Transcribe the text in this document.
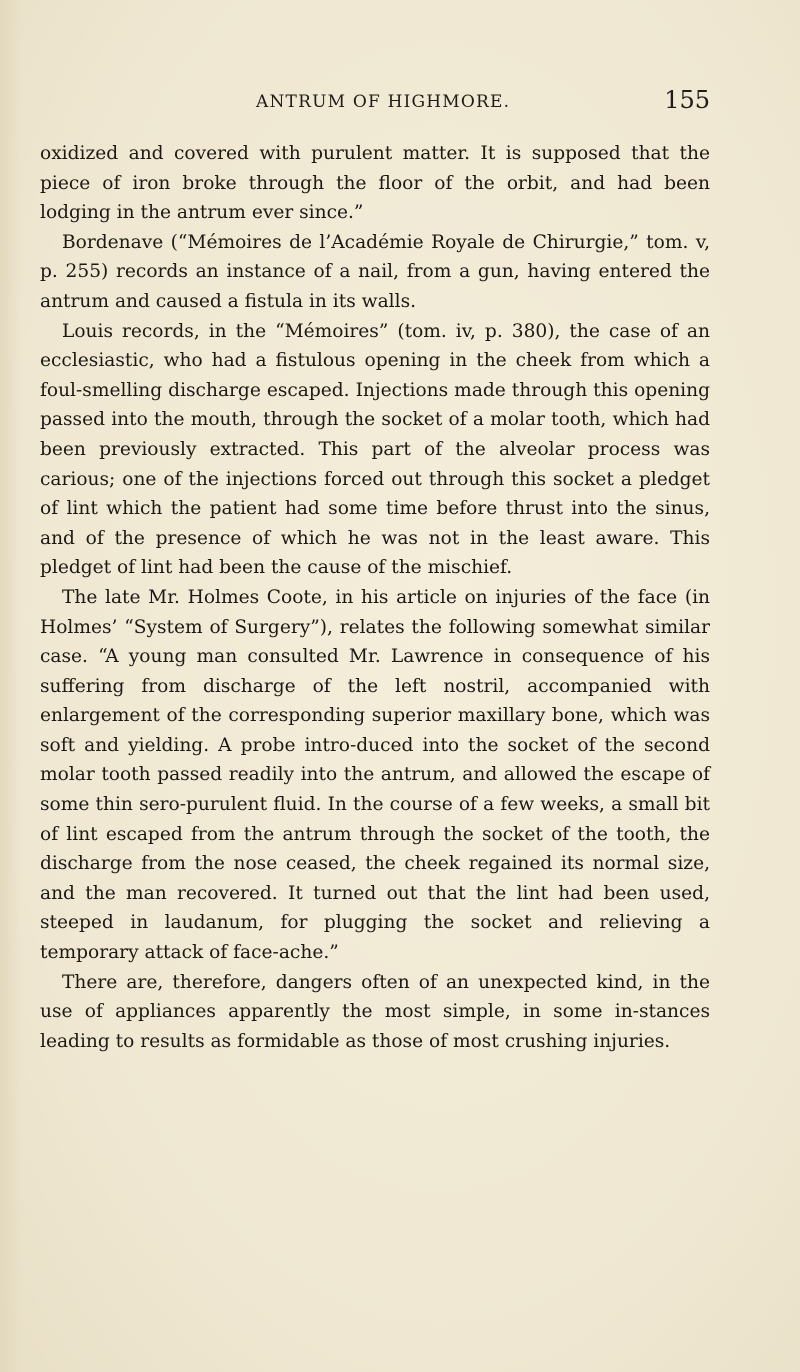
ANTRUM OF HIGHMORE.	155

oxidized and covered with purulent matter. It is supposed that the piece of iron broke through the floor of the orbit, and had been lodging in the antrum ever since.”

Bordenave (“Mémoires de l’Académie Royale de Chirurgie,” tom. v, p. 255) records an instance of a nail, from a gun, having entered the antrum and caused a fistula in its walls.

Louis records, in the “Mémoires” (tom. iv, p. 380), the case of an ecclesiastic, who had a fistulous opening in the cheek from which a foul-smelling discharge escaped. Injections made through this opening passed into the mouth, through the socket of a molar tooth, which had been previously extracted. This part of the alveolar process was carious; one of the injections forced out through this socket a pledget of lint which the patient had some time before thrust into the sinus, and of the presence of which he was not in the least aware. This pledget of lint had been the cause of the mischief.

The late Mr. Holmes Coote, in his article on injuries of the face (in Holmes’ “System of Surgery”), relates the following somewhat similar case. “A young man consulted Mr. Lawrence in consequence of his suffering from discharge of the left nostril, accompanied with enlargement of the corresponding superior maxillary bone, which was soft and yielding. A probe intro-duced into the socket of the second molar tooth passed readily into the antrum, and allowed the escape of some thin sero-purulent fluid. In the course of a few weeks, a small bit of lint escaped from the antrum through the socket of the tooth, the discharge from the nose ceased, the cheek regained its normal size, and the man recovered. It turned out that the lint had been used, steeped in laudanum, for plugging the socket and relieving a temporary attack of face-ache.”

There are, therefore, dangers often of an unexpected kind, in the use of appliances apparently the most simple, in some in-stances leading to results as formidable as those of most crushing injuries.
